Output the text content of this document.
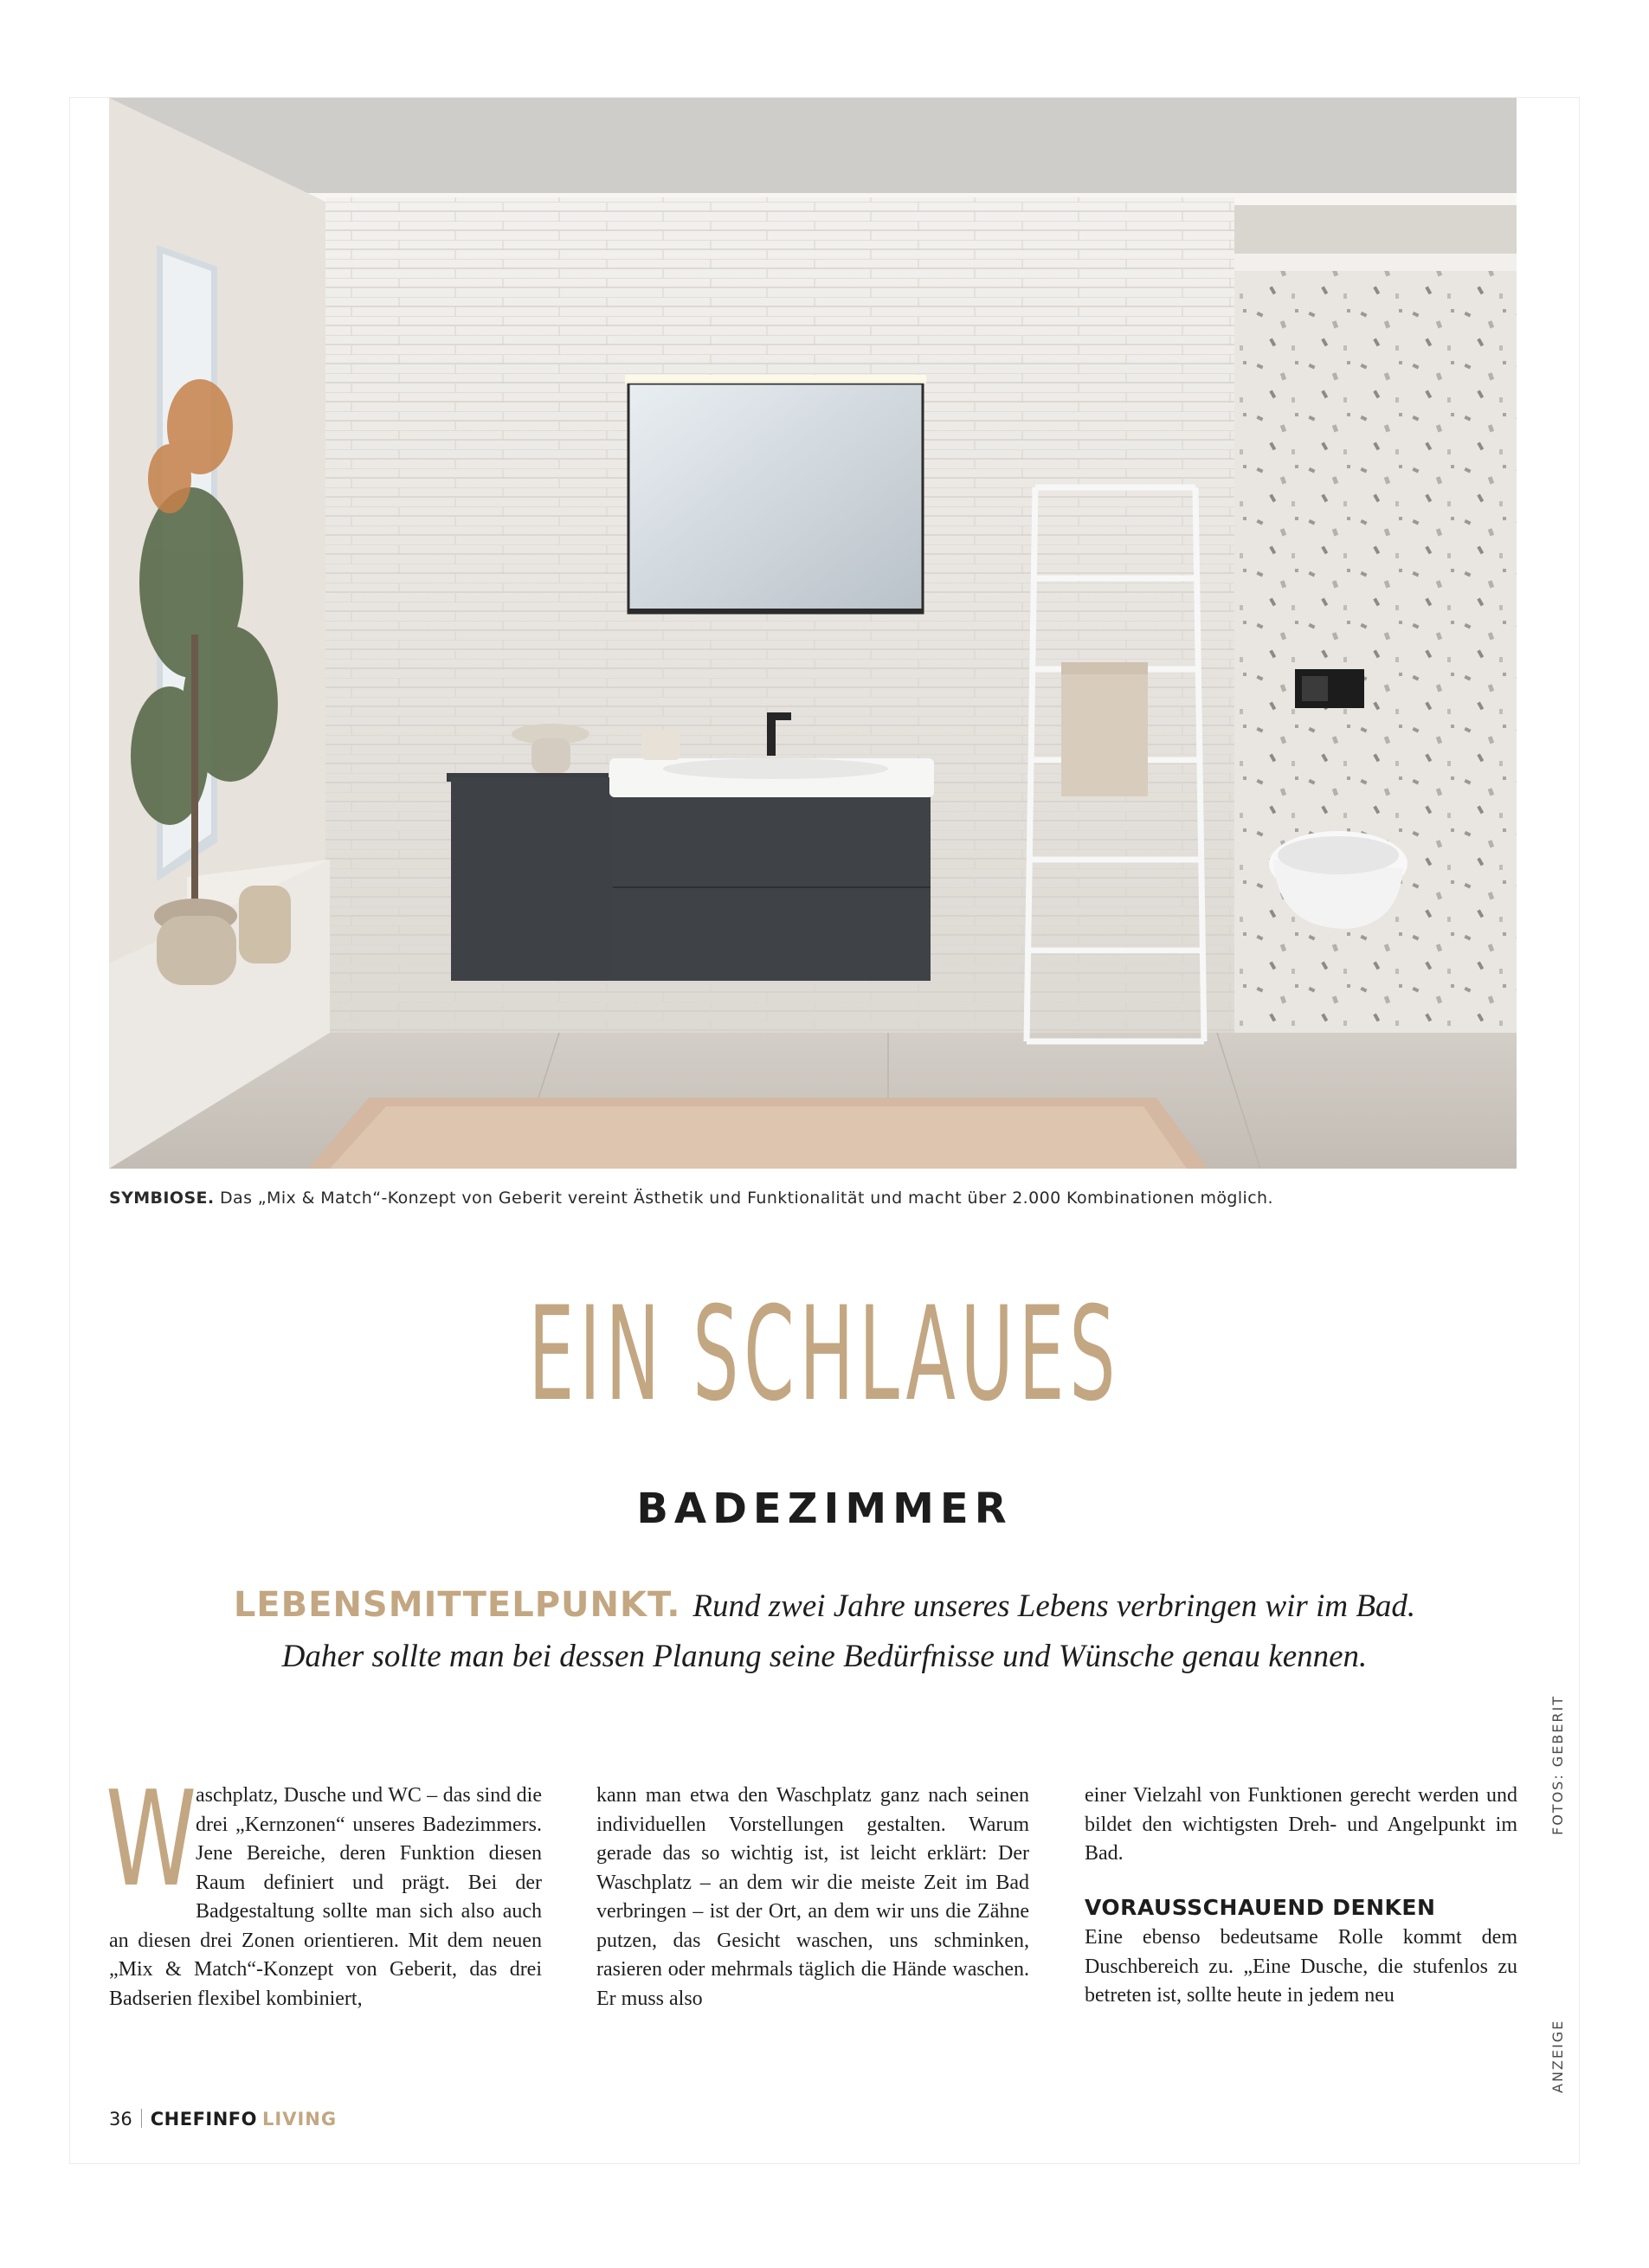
SYMBIOSE. Das „Mix & Match“-Konzept von Geberit vereint Ästhetik und Funktionalität und macht über 2.000 Kombinationen möglich.
EIN SCHLAUES
BADEZIMMER
LEBENSMITTELPUNKT. Rund zwei Jahre unseres Lebens verbringen wir im Bad.
Daher sollte man bei dessen Planung seine Bedürfnisse und Wünsche genau kennen.
W

aschplatz, Dusche und WC – das sind die drei „Kernzonen“ unseres Badezimmers. Jene Bereiche, deren Funktion diesen Raum definiert und prägt. Bei der Badgestaltung sollte man sich also auch an diesen drei Zonen orientieren. Mit dem neuen „Mix & Match“-Konzept von Geberit, das drei Badserien flexibel kombiniert,

kann man etwa den Waschplatz ganz nach seinen individuellen Vorstellungen gestalten. Warum gerade das so wichtig ist, ist leicht erklärt: Der Waschplatz – an dem wir die meiste Zeit im Bad verbringen – ist der Ort, an dem wir uns die Zähne putzen, das Gesicht waschen, uns schminken, rasieren oder mehrmals täglich die Hände waschen. Er muss also

einer Vielzahl von Funktionen gerecht werden und bildet den wichtigsten Dreh- und Angelpunkt im Bad.

VORAUSSCHAUEND DENKEN

Eine ebenso bedeutsame Rolle kommt dem Duschbereich zu. „Eine Dusche, die stufenlos zu betreten ist, sollte heute in jedem neu

FOTOS: GEBERIT
ANZEIGE
36 CHEFINFO LIVING
